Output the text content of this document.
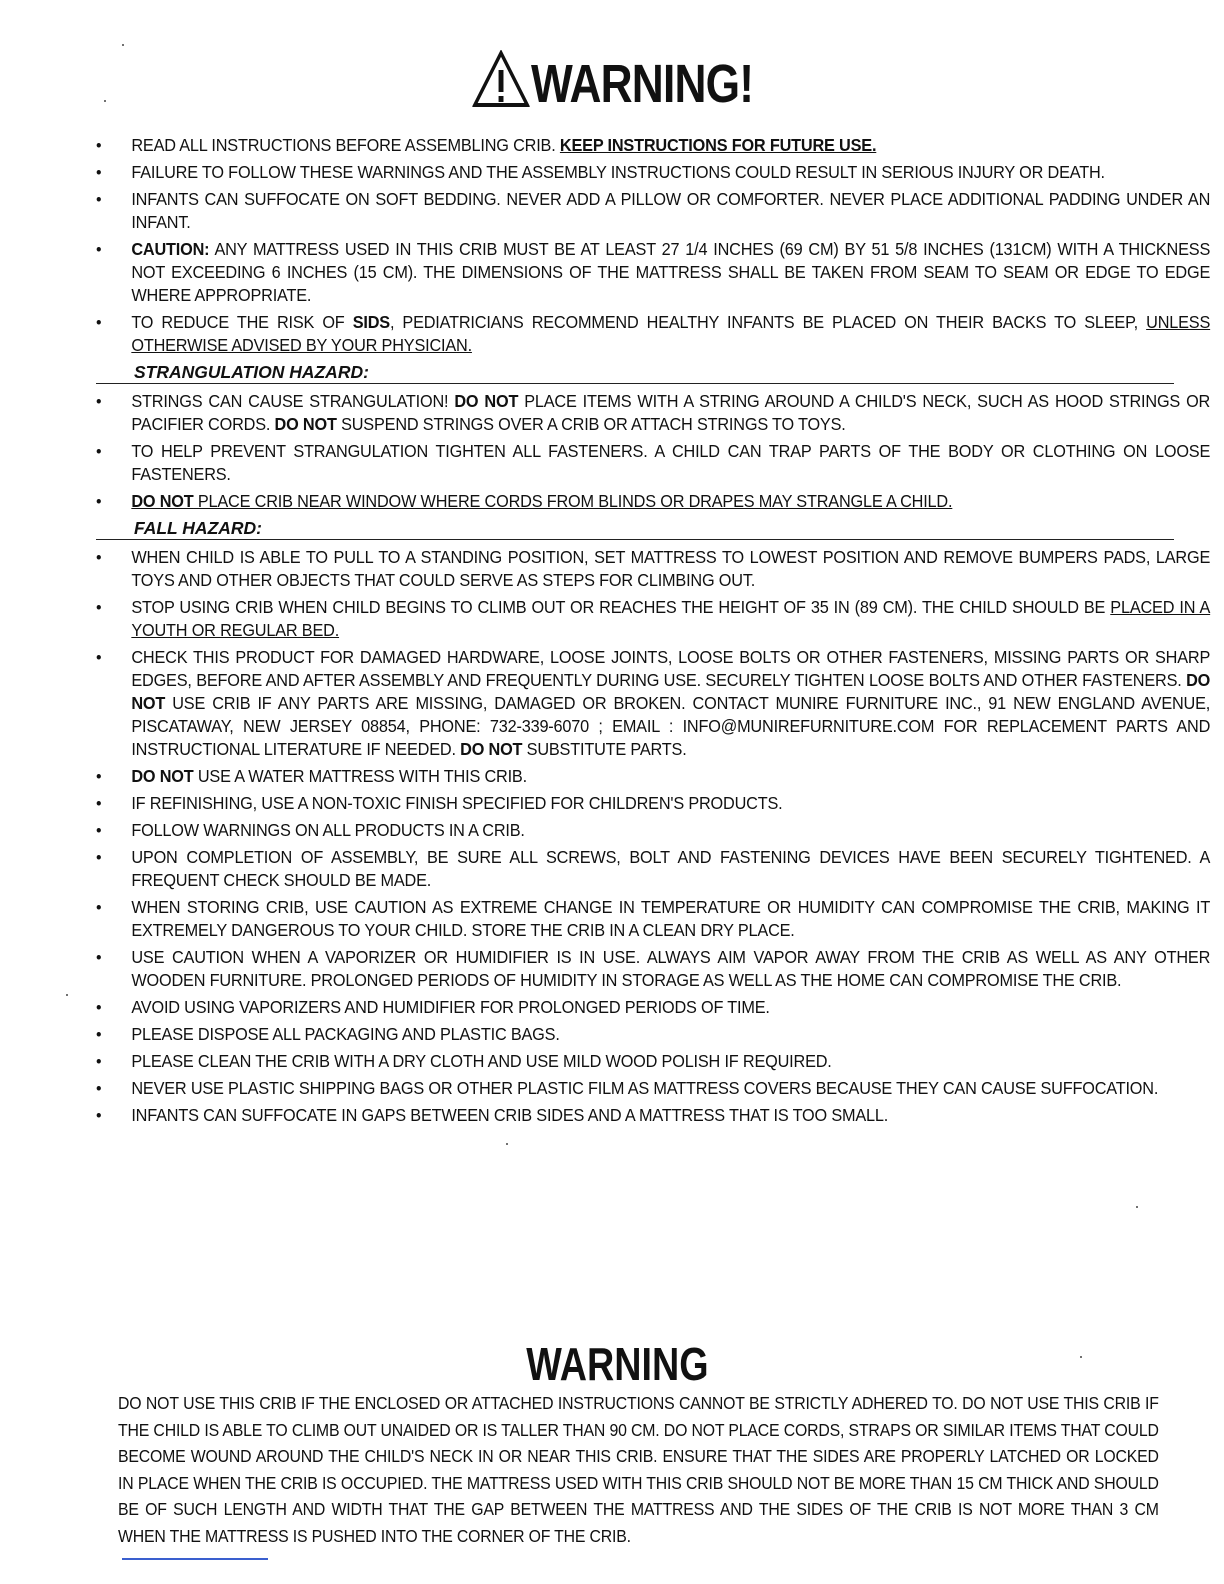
WARNING!
•	READ ALL INSTRUCTIONS BEFORE ASSEMBLING CRIB. KEEP INSTRUCTIONS FOR FUTURE USE.
•	FAILURE TO FOLLOW THESE WARNINGS AND THE ASSEMBLY INSTRUCTIONS COULD RESULT IN SERIOUS INJURY OR DEATH.
•	INFANTS CAN SUFFOCATE ON SOFT BEDDING. NEVER ADD A PILLOW OR COMFORTER. NEVER PLACE ADDITIONAL PADDING UNDER AN INFANT.
•	CAUTION: ANY MATTRESS USED IN THIS CRIB MUST BE AT LEAST 27 1/4 INCHES (69 CM) BY 51 5/8 INCHES (131CM) WITH A THICKNESS NOT EXCEEDING 6 INCHES (15 CM). THE DIMENSIONS OF THE MATTRESS SHALL BE TAKEN FROM SEAM TO SEAM OR EDGE TO EDGE WHERE APPROPRIATE.
•	TO REDUCE THE RISK OF SIDS, PEDIATRICIANS RECOMMEND HEALTHY INFANTS BE PLACED ON THEIR BACKS TO SLEEP, UNLESS OTHERWISE ADVISED BY YOUR PHYSICIAN.
STRANGULATION HAZARD:
•	STRINGS CAN CAUSE STRANGULATION! DO NOT PLACE ITEMS WITH A STRING AROUND A CHILD'S NECK, SUCH AS HOOD STRINGS OR PACIFIER CORDS. DO NOT SUSPEND STRINGS OVER A CRIB OR ATTACH STRINGS TO TOYS.
•	TO HELP PREVENT STRANGULATION TIGHTEN ALL FASTENERS. A CHILD CAN TRAP PARTS OF THE BODY OR CLOTHING ON LOOSE FASTENERS.
•	DO NOT PLACE CRIB NEAR WINDOW WHERE CORDS FROM BLINDS OR DRAPES MAY STRANGLE A CHILD.
FALL HAZARD:
•	WHEN CHILD IS ABLE TO PULL TO A STANDING POSITION, SET MATTRESS TO LOWEST POSITION AND REMOVE BUMPERS PADS, LARGE TOYS AND OTHER OBJECTS THAT COULD SERVE AS STEPS FOR CLIMBING OUT.
•	STOP USING CRIB WHEN CHILD BEGINS TO CLIMB OUT OR REACHES THE HEIGHT OF 35 IN (89 CM). THE CHILD SHOULD BE PLACED IN A YOUTH OR REGULAR BED.
•	CHECK THIS PRODUCT FOR DAMAGED HARDWARE, LOOSE JOINTS, LOOSE BOLTS OR OTHER FASTENERS, MISSING PARTS OR SHARP EDGES, BEFORE AND AFTER ASSEMBLY AND FREQUENTLY DURING USE. SECURELY TIGHTEN LOOSE BOLTS AND OTHER FASTENERS. DO NOT USE CRIB IF ANY PARTS ARE MISSING, DAMAGED OR BROKEN. CONTACT MUNIRE FURNITURE INC., 91 NEW ENGLAND AVENUE, PISCATAWAY, NEW JERSEY 08854, PHONE: 732-339-6070 ; EMAIL : INFO@MUNIREFURNITURE.COM FOR REPLACEMENT PARTS AND INSTRUCTIONAL LITERATURE IF NEEDED. DO NOT SUBSTITUTE PARTS.
•	DO NOT USE A WATER MATTRESS WITH THIS CRIB.
•	IF REFINISHING, USE A NON-TOXIC FINISH SPECIFIED FOR CHILDREN'S PRODUCTS.
•	FOLLOW WARNINGS ON ALL PRODUCTS IN A CRIB.
•	UPON COMPLETION OF ASSEMBLY, BE SURE ALL SCREWS, BOLT AND FASTENING DEVICES HAVE BEEN SECURELY TIGHTENED. A FREQUENT CHECK SHOULD BE MADE.
•	WHEN STORING CRIB, USE CAUTION AS EXTREME CHANGE IN TEMPERATURE OR HUMIDITY CAN COMPROMISE THE CRIB, MAKING IT EXTREMELY DANGEROUS TO YOUR CHILD. STORE THE CRIB IN A CLEAN DRY PLACE.
•	USE CAUTION WHEN A VAPORIZER OR HUMIDIFIER IS IN USE. ALWAYS AIM VAPOR AWAY FROM THE CRIB AS WELL AS ANY OTHER WOODEN FURNITURE. PROLONGED PERIODS OF HUMIDITY IN STORAGE AS WELL AS THE HOME CAN COMPROMISE THE CRIB.
•	AVOID USING VAPORIZERS AND HUMIDIFIER FOR PROLONGED PERIODS OF TIME.
•	PLEASE DISPOSE ALL PACKAGING AND PLASTIC BAGS.
•	PLEASE CLEAN THE CRIB WITH A DRY CLOTH AND USE MILD WOOD POLISH IF REQUIRED.
•	NEVER USE PLASTIC SHIPPING BAGS OR OTHER PLASTIC FILM AS MATTRESS COVERS BECAUSE THEY CAN CAUSE SUFFOCATION.
•	INFANTS CAN SUFFOCATE IN GAPS BETWEEN CRIB SIDES AND A MATTRESS THAT IS TOO SMALL.
WARNING
DO NOT USE THIS CRIB IF THE ENCLOSED OR ATTACHED INSTRUCTIONS CANNOT BE STRICTLY ADHERED TO. DO NOT USE THIS CRIB IF THE CHILD IS ABLE TO CLIMB OUT UNAIDED OR IS TALLER THAN 90 CM. DO NOT PLACE CORDS, STRAPS OR SIMILAR ITEMS THAT COULD BECOME WOUND AROUND THE CHILD'S NECK IN OR NEAR THIS CRIB. ENSURE THAT THE SIDES ARE PROPERLY LATCHED OR LOCKED IN PLACE WHEN THE CRIB IS OCCUPIED. THE MATTRESS USED WITH THIS CRIB SHOULD NOT BE MORE THAN 15 CM THICK AND SHOULD BE OF SUCH LENGTH AND WIDTH THAT THE GAP BETWEEN THE MATTRESS AND THE SIDES OF THE CRIB IS NOT MORE THAN 3 CM WHEN THE MATTRESS IS PUSHED INTO THE CORNER OF THE CRIB.
